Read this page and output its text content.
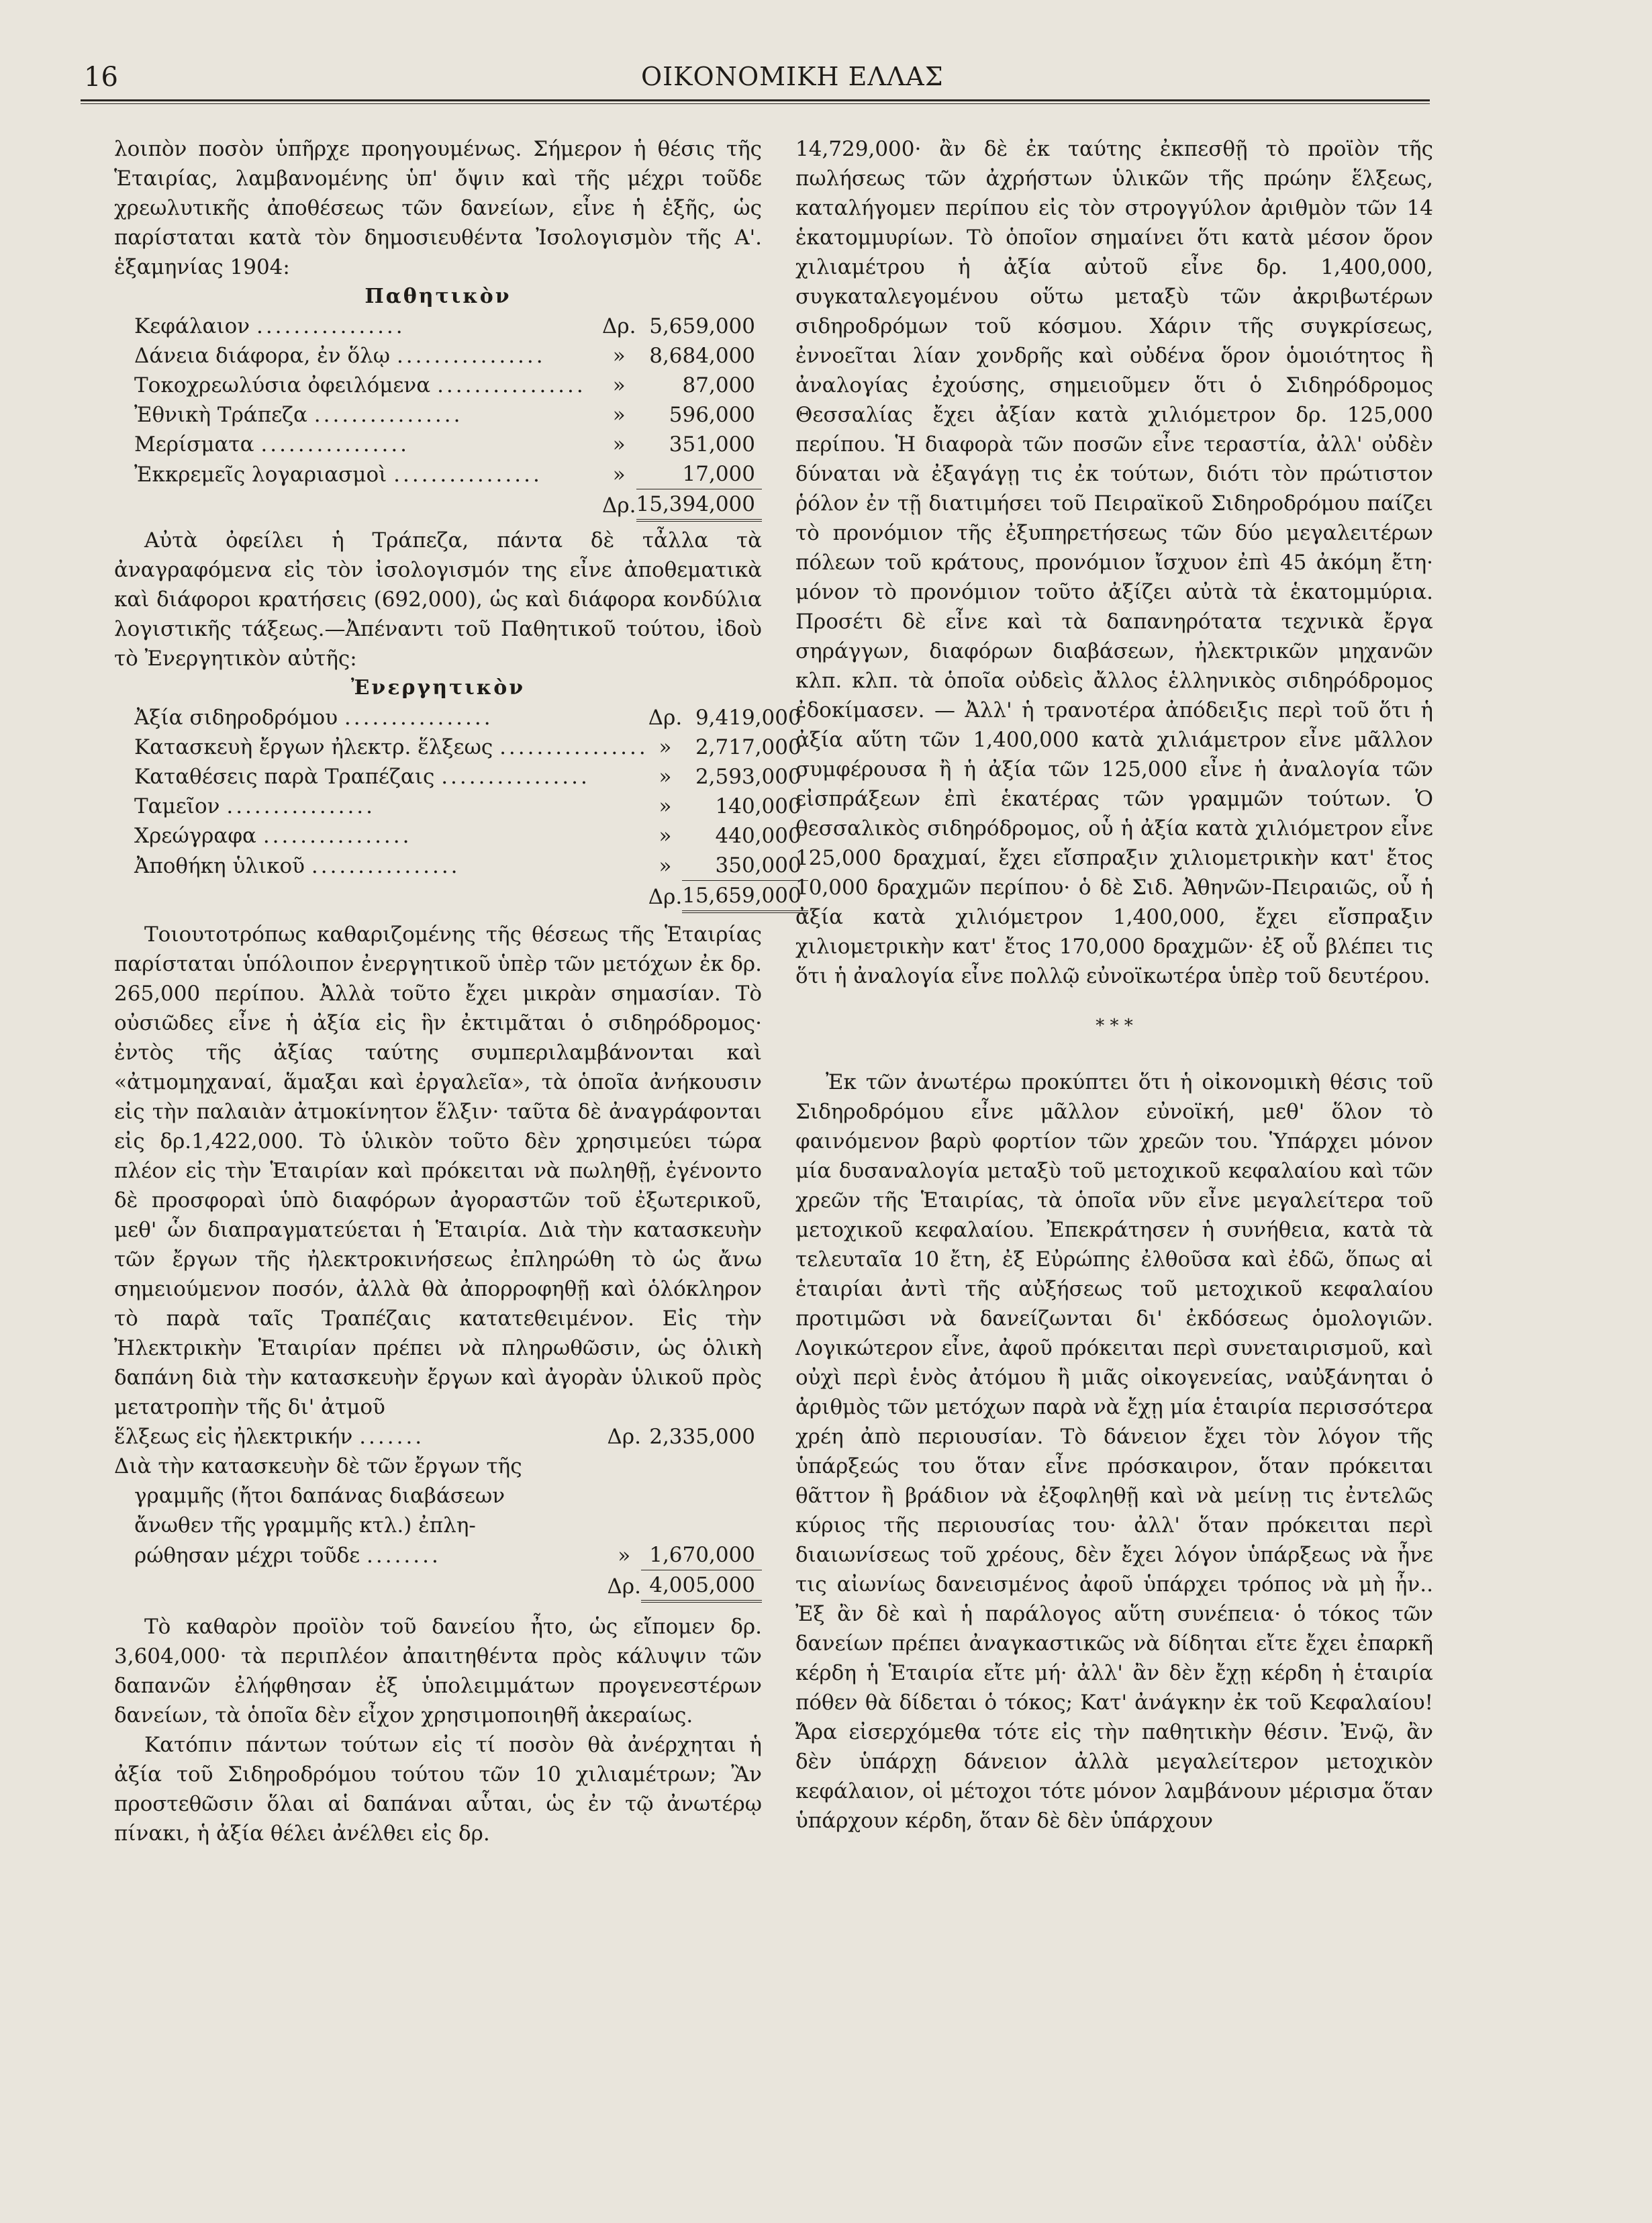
16	ΟΙΚΟΝΟΜΙΚΗ ΕΛΛΑΣ

λοιπὸν ποσὸν ὑπῆρχε προηγουμένως. Σήμερον ἡ θέσις τῆς Ἑταιρίας, λαμβανομένης ὑπ' ὄψιν καὶ τῆς μέχρι τοῦδε χρεωλυτικῆς ἀποθέσεως τῶν δανείων, εἶνε ἡ ἑξῆς, ὡς παρίσταται κατὰ τὸν δημοσιευθέντα Ἰσολογισμὸν τῆς Α'. ἑξαμηνίας 1904:

Παθητικὸν

Κεφάλαιον ................	Δρ.	5,659,000
Δάνεια διάφορα, ἐν ὅλῳ ................	»	8,684,000
Τοκοχρεωλύσια ὀφειλόμενα ................	»	87,000
Ἐθνικὴ Τράπεζα ................	»	596,000
Μερίσματα ................	»	351,000
Ἐκκρεμεῖς λογαριασμοὶ ................	»	17,000
	Δρ.	15,394,000

Αὐτὰ ὀφείλει ἡ Τράπεζα, πάντα δὲ τἆλλα τὰ ἀναγραφόμενα εἰς τὸν ἰσολογισμόν της εἶνε ἀποθεματικὰ καὶ διάφοροι κρατήσεις (692,000), ὡς καὶ διάφορα κονδύλια λογιστικῆς τάξεως.—Ἀπέναντι τοῦ Παθητικοῦ τούτου, ἰδοὺ τὸ Ἐνεργητικὸν αὐτῆς:

Ἐνεργητικὸν

Ἀξία σιδηροδρόμου ................	Δρ.	9,419,000
Κατασκευὴ ἔργων ἠλεκτρ. ἕλξεως ................	»	2,717,000
Καταθέσεις παρὰ Τραπέζαις ................	»	2,593,000
Ταμεῖον ................	»	140,000
Χρεώγραφα ................	»	440,000
Ἀποθήκη ὑλικοῦ ................	»	350,000
	Δρ.	15,659,000

Τοιουτοτρόπως καθαριζομένης τῆς θέσεως τῆς Ἑταιρίας παρίσταται ὑπόλοιπον ἐνεργητικοῦ ὑπὲρ τῶν μετόχων ἐκ δρ. 265,000 περίπου. Ἀλλὰ τοῦτο ἔχει μικρὰν σημασίαν. Τὸ οὐσιῶδες εἶνε ἡ ἀξία εἰς ἣν ἐκτιμᾶται ὁ σιδηρόδρομος· ἐντὸς τῆς ἀξίας ταύτης συμπεριλαμβάνονται καὶ «ἀτμομηχαναί, ἅμαξαι καὶ ἐργαλεῖα», τὰ ὁποῖα ἀνήκουσιν εἰς τὴν παλαιὰν ἀτμοκίνητον ἕλξιν· ταῦτα δὲ ἀναγράφονται εἰς δρ.1,422,000. Τὸ ὑλικὸν τοῦτο δὲν χρησιμεύει τώρα πλέον εἰς τὴν Ἑταιρίαν καὶ πρόκειται νὰ πωληθῇ, ἐγένοντο δὲ προσφοραὶ ὑπὸ διαφόρων ἀγοραστῶν τοῦ ἐξωτερικοῦ, μεθ' ὧν διαπραγματεύεται ἡ Ἑταιρία. Διὰ τὴν κατασκευὴν τῶν ἔργων τῆς ἠλεκτροκινήσεως ἐπληρώθη τὸ ὡς ἄνω σημειούμενον ποσόν, ἀλλὰ θὰ ἀπορροφηθῇ καὶ ὁλόκληρον τὸ παρὰ ταῖς Τραπέζαις κατατεθειμένον. Εἰς τὴν Ἠλεκτρικὴν Ἑταιρίαν πρέπει νὰ πληρωθῶσιν, ὡς ὁλικὴ δαπάνη διὰ τὴν κατασκευὴν ἔργων καὶ ἀγορὰν ὑλικοῦ πρὸς μετατροπὴν τῆς δι' ἀτμοῦ

ἕλξεως εἰς ἠλεκτρικήν .......	Δρ.	2,335,000
Διὰ τὴν κατασκευὴν δὲ τῶν ἔργων τῆς		
γραμμῆς (ἤτοι δαπάνας διαβάσεων		
ἄνωθεν τῆς γραμμῆς κτλ.) ἐπλη-		
ρώθησαν μέχρι τοῦδε ........	»	1,670,000
	Δρ.	4,005,000

Τὸ καθαρὸν προϊὸν τοῦ δανείου ἦτο, ὡς εἴπομεν δρ. 3,604,000· τὰ περιπλέον ἀπαιτηθέντα πρὸς κάλυψιν τῶν δαπανῶν ἐλήφθησαν ἐξ ὑπολειμμάτων προγενεστέρων δανείων, τὰ ὁποῖα δὲν εἶχον χρησιμοποιηθῆ ἀκεραίως.

Κατόπιν πάντων τούτων εἰς τί ποσὸν θὰ ἀνέρχηται ἡ ἀξία τοῦ Σιδηροδρόμου τούτου τῶν 10 χιλιαμέτρων; Ἂν προστεθῶσιν ὅλαι αἱ δαπάναι αὗται, ὡς ἐν τῷ ἀνωτέρῳ πίνακι, ἡ ἀξία θέλει ἀνέλθει εἰς δρ.

14,729,000· ἂν δὲ ἐκ ταύτης ἐκπεσθῇ τὸ προϊὸν τῆς πωλήσεως τῶν ἀχρήστων ὑλικῶν τῆς πρώην ἕλξεως, καταλήγομεν περίπου εἰς τὸν στρογγύλον ἀριθμὸν τῶν 14 ἑκατομμυρίων. Τὸ ὁποῖον σημαίνει ὅτι κατὰ μέσον ὅρον χιλιαμέτρου ἡ ἀξία αὐτοῦ εἶνε δρ. 1,400,000, συγκαταλεγομένου οὕτω μεταξὺ τῶν ἀκριβωτέρων σιδηροδρόμων τοῦ κόσμου. Χάριν τῆς συγκρίσεως, ἐννοεῖται λίαν χονδρῆς καὶ οὐδένα ὅρον ὁμοιότητος ἢ ἀναλογίας ἐχούσης, σημειοῦμεν ὅτι ὁ Σιδηρόδρομος Θεσσαλίας ἔχει ἀξίαν κατὰ χιλιόμετρον δρ. 125,000 περίπου. Ἡ διαφορὰ τῶν ποσῶν εἶνε τεραστία, ἀλλ' οὐδὲν δύναται νὰ ἐξαγάγῃ τις ἐκ τούτων, διότι τὸν πρώτιστον ῥόλον ἐν τῇ διατιμήσει τοῦ Πειραϊκοῦ Σιδηροδρόμου παίζει τὸ προνόμιον τῆς ἐξυπηρετήσεως τῶν δύο μεγαλειτέρων πόλεων τοῦ κράτους, προνόμιον ἴσχυον ἐπὶ 45 ἀκόμη ἔτη· μόνον τὸ προνόμιον τοῦτο ἀξίζει αὐτὰ τὰ ἑκατομμύρια. Προσέτι δὲ εἶνε καὶ τὰ δαπανηρότατα τεχνικὰ ἔργα σηράγγων, διαφόρων διαβάσεων, ἠλεκτρικῶν μηχανῶν κλπ. κλπ. τὰ ὁποῖα οὐδεὶς ἄλλος ἑλληνικὸς σιδηρόδρομος ἐδοκίμασεν. — Ἀλλ' ἡ τρανοτέρα ἀπόδειξις περὶ τοῦ ὅτι ἡ ἀξία αὕτη τῶν 1,400,000 κατὰ χιλιάμετρον εἶνε μᾶλλον συμφέρουσα ἢ ἡ ἀξία τῶν 125,000 εἶνε ἡ ἀναλογία τῶν εἰσπράξεων ἐπὶ ἑκατέρας τῶν γραμμῶν τούτων. Ὁ θεσσαλικὸς σιδηρόδρομος, οὗ ἡ ἀξία κατὰ χιλιόμετρον εἶνε 125,000 δραχμαί, ἔχει εἴσπραξιν χιλιομετρικὴν κατ' ἔτος 10,000 δραχμῶν περίπου· ὁ δὲ Σιδ. Ἀθηνῶν-Πειραιῶς, οὗ ἡ ἀξία κατὰ χιλιόμετρον 1,400,000, ἔχει εἴσπραξιν χιλιομετρικὴν κατ' ἔτος 170,000 δραχμῶν· ἐξ οὗ βλέπει τις ὅτι ἡ ἀναλογία εἶνε πολλῷ εὐνοϊκωτέρα ὑπὲρ τοῦ δευτέρου.

* * *

Ἐκ τῶν ἀνωτέρω προκύπτει ὅτι ἡ οἰκονομικὴ θέσις τοῦ Σιδηροδρόμου εἶνε μᾶλλον εὐνοϊκή, μεθ' ὅλον τὸ φαινόμενον βαρὺ φορτίον τῶν χρεῶν του. Ὑπάρχει μόνον μία δυσαναλογία μεταξὺ τοῦ μετοχικοῦ κεφαλαίου καὶ τῶν χρεῶν τῆς Ἑταιρίας, τὰ ὁποῖα νῦν εἶνε μεγαλείτερα τοῦ μετοχικοῦ κεφαλαίου. Ἐπεκράτησεν ἡ συνήθεια, κατὰ τὰ τελευταῖα 10 ἔτη, ἐξ Εὐρώπης ἐλθοῦσα καὶ ἐδῶ, ὅπως αἱ ἑταιρίαι ἀντὶ τῆς αὐξήσεως τοῦ μετοχικοῦ κεφαλαίου προτιμῶσι νὰ δανείζωνται δι' ἐκδόσεως ὁμολογιῶν. Λογικώτερον εἶνε, ἀφοῦ πρόκειται περὶ συνεταιρισμοῦ, καὶ οὐχὶ περὶ ἑνὸς ἀτόμου ἢ μιᾶς οἰκογενείας, ναὐξάνηται ὁ ἀριθμὸς τῶν μετόχων παρὰ νὰ ἔχῃ μία ἑταιρία περισσότερα χρέη ἀπὸ περιουσίαν. Τὸ δάνειον ἔχει τὸν λόγον τῆς ὑπάρξεώς του ὅταν εἶνε πρόσκαιρον, ὅταν πρόκειται θᾶττον ἢ βράδιον νὰ ἐξοφληθῇ καὶ νὰ μείνῃ τις ἐντελῶς κύριος τῆς περιουσίας του· ἀλλ' ὅταν πρόκειται περὶ διαιωνίσεως τοῦ χρέους, δὲν ἔχει λόγον ὑπάρξεως νὰ ἦνε τις αἰωνίως δανεισμένος ἀφοῦ ὑπάρχει τρόπος νὰ μὴ ἦν.. Ἐξ ἂν δὲ καὶ ἡ παράλογος αὕτη συνέπεια· ὁ τόκος τῶν δανείων πρέπει ἀναγκαστικῶς νὰ δίδηται εἴτε ἔχει ἐπαρκῆ κέρδη ἡ Ἑταιρία εἴτε μή· ἀλλ' ἂν δὲν ἔχῃ κέρδη ἡ ἑταιρία πόθεν θὰ δίδεται ὁ τόκος; Κατ' ἀνάγκην ἐκ τοῦ Κεφαλαίου! Ἄρα εἰσερχόμεθα τότε εἰς τὴν παθητικὴν θέσιν. Ἐνῷ, ἂν δὲν ὑπάρχῃ δάνειον ἀλλὰ μεγαλείτερον μετοχικὸν κεφάλαιον, οἱ μέτοχοι τότε μόνον λαμβάνουν μέρισμα ὅταν ὑπάρχουν κέρδη, ὅταν δὲ δὲν ὑπάρχουν
